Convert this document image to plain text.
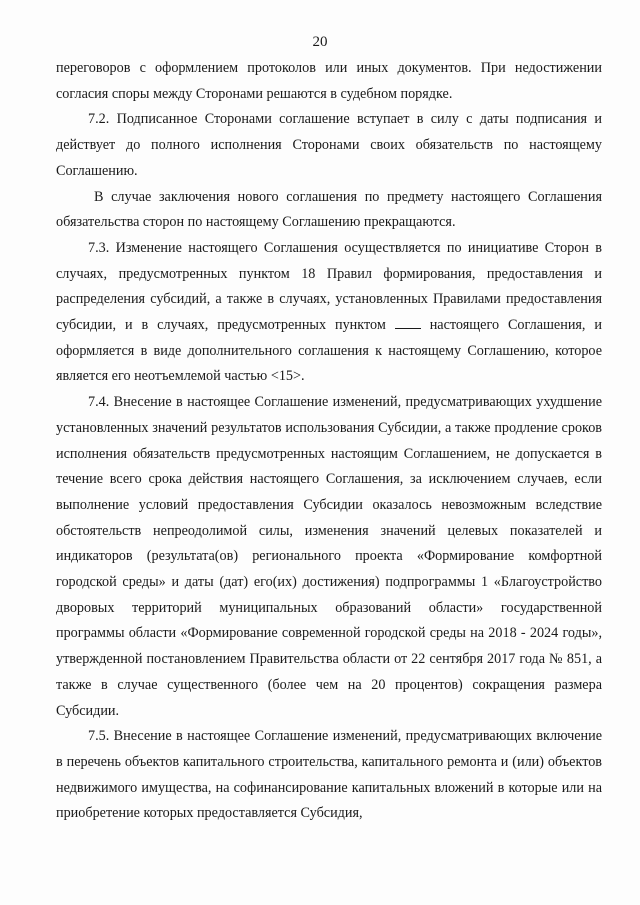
20

переговоров с оформлением протоколов или иных документов. При недостижении согласия споры между Сторонами решаются в судебном порядке.

7.2. Подписанное Сторонами соглашение вступает в силу с даты подписания и действует до полного исполнения Сторонами своих обязательств по настоящему Соглашению.

В случае заключения нового соглашения по предмету настоящего Соглашения обязательства сторон по настоящему Соглашению прекращаются.

7.3. Изменение настоящего Соглашения осуществляется по инициативе Сторон в случаях, предусмотренных пунктом 18 Правил формирования, предоставления и распределения субсидий, а также в случаях, установленных Правилами предоставления субсидии, и в случаях, предусмотренных пунктом	настоящего Соглашения, и оформляется в виде дополнительного соглашения к настоящему Соглашению, которое является его неотъемлемой частью <15>.

7.4. Внесение в настоящее Соглашение изменений, предусматривающих ухудшение установленных значений результатов использования Субсидии, а также продление сроков исполнения обязательств предусмотренных настоящим Соглашением, не допускается в течение всего срока действия настоящего Соглашения, за исключением случаев, если выполнение условий предоставления Субсидии оказалось невозможным вследствие обстоятельств непреодолимой силы, изменения значений целевых показателей и индикаторов (результата(ов) регионального проекта «Формирование комфортной городской среды» и даты (дат) его(их) достижения) подпрограммы 1 «Благоустройство дворовых территорий муниципальных образований области» государственной программы области «Формирование современной городской среды на 2018 - 2024 годы», утвержденной постановлением Правительства области от 22 сентября 2017 года № 851, а также в случае существенного (более чем на 20 процентов) сокращения размера Субсидии.

7.5. Внесение в настоящее Соглашение изменений, предусматривающих включение в перечень объектов капитального строительства, капитального ремонта и (или) объектов недвижимого имущества, на софинансирование капитальных вложений в которые или на приобретение которых предоставляется Субсидия,
